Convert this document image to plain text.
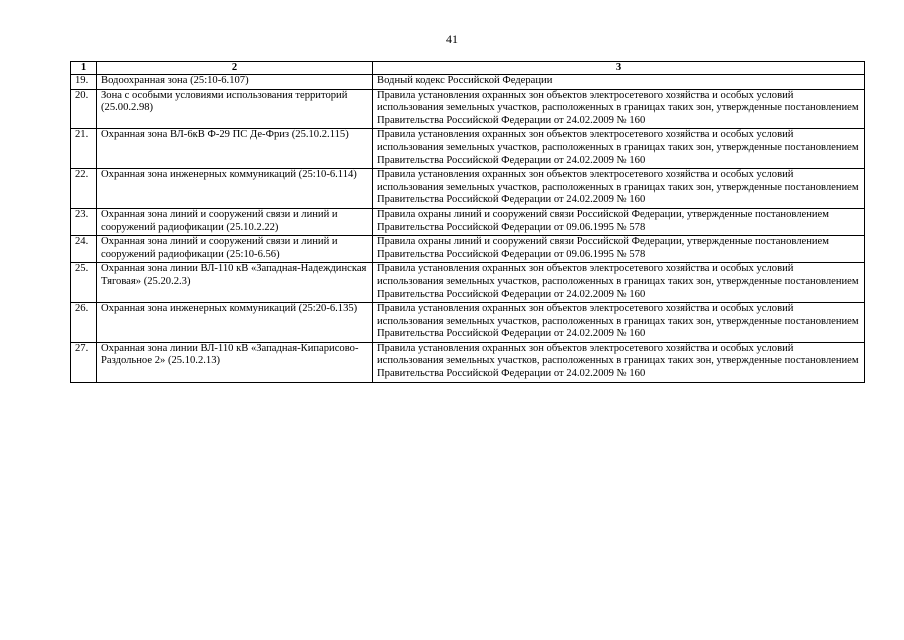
41
1	2	3
19.	Водоохранная зона (25:10-6.107)	Водный кодекс Российской Федерации
20.	Зона с особыми условиями использования территорий (25.00.2.98)	Правила установления охранных зон объектов электросетевого хозяйства и особых условий использования земельных участков, расположенных в границах таких зон, утвержденные постановлением Правительства Российской Федерации от 24.02.2009 № 160
21.	Охранная зона ВЛ-6кВ Ф-29 ПС Де-Фриз (25.10.2.115)	Правила установления охранных зон объектов электросетевого хозяйства и особых условий использования земельных участков, расположенных в границах таких зон, утвержденные постановлением Правительства Российской Федерации от 24.02.2009 № 160
22.	Охранная зона инженерных коммуникаций (25:10-6.114)	Правила установления охранных зон объектов электросетевого хозяйства и особых условий использования земельных участков, расположенных в границах таких зон, утвержденные постановлением Правительства Российской Федерации от 24.02.2009 № 160
23.	Охранная зона линий и сооружений связи и линий и сооружений радиофикации (25.10.2.22)	Правила охраны линий и сооружений связи Российской Федерации, утвержденные постановлением Правительства Российской Федерации от 09.06.1995 № 578
24.	Охранная зона линий и сооружений связи и линий и сооружений радиофикации (25:10-6.56)	Правила охраны линий и сооружений связи Российской Федерации, утвержденные постановлением Правительства Российской Федерации от 09.06.1995 № 578
25.	Охранная зона линии ВЛ-110 кВ «Западная-Надеждинская Тяговая» (25.20.2.3)	Правила установления охранных зон объектов электросетевого хозяйства и особых условий использования земельных участков, расположенных в границах таких зон, утвержденные постановлением Правительства Российской Федерации от 24.02.2009 № 160
26.	Охранная зона инженерных коммуникаций (25:20-6.135)	Правила установления охранных зон объектов электросетевого хозяйства и особых условий использования земельных участков, расположенных в границах таких зон, утвержденные постановлением Правительства Российской Федерации от 24.02.2009 № 160
27.	Охранная зона линии ВЛ-110 кВ «Западная-Кипарисово-Раздольное 2» (25.10.2.13)	Правила установления охранных зон объектов электросетевого хозяйства и особых условий использования земельных участков, расположенных в границах таких зон, утвержденные постановлением Правительства Российской Федерации от 24.02.2009 № 160
